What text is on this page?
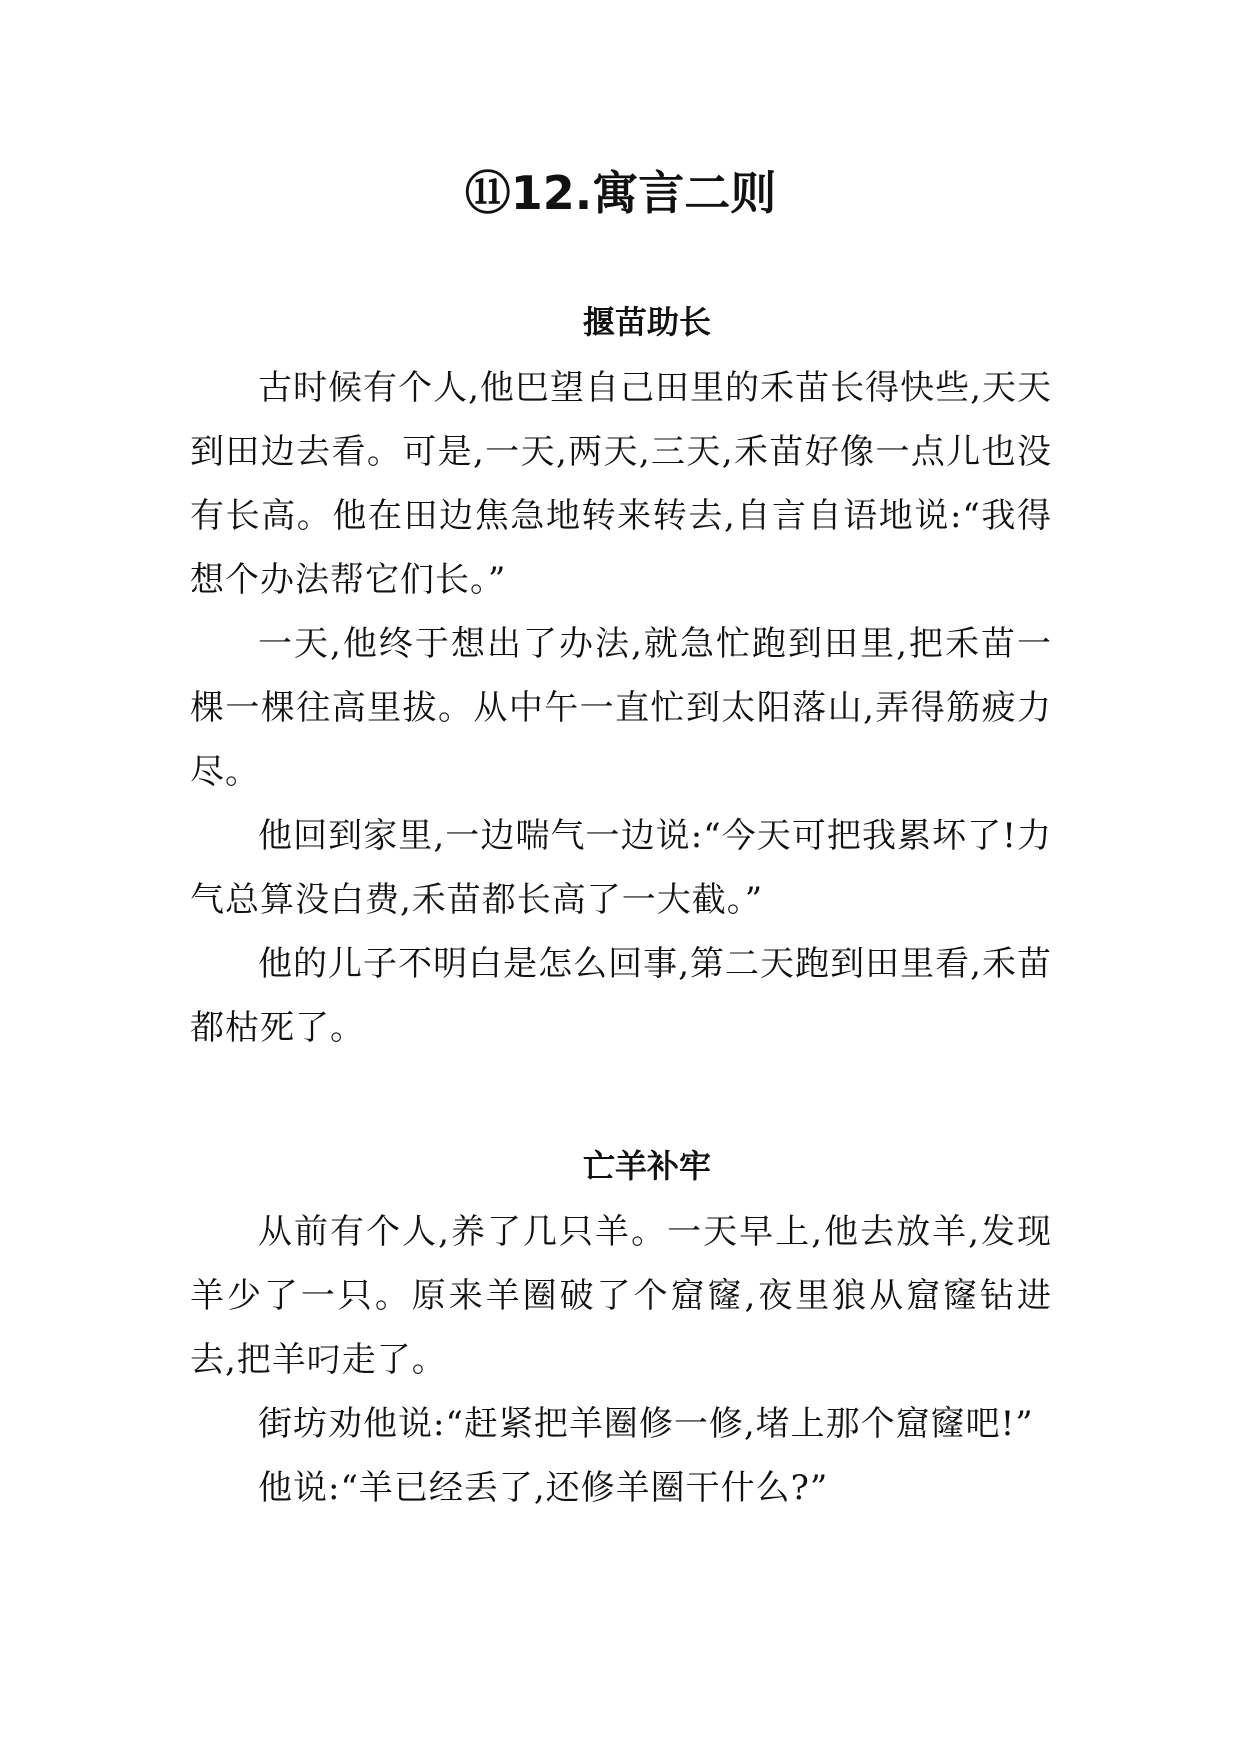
⑪12.寓言二则
揠苗助长

古时候有个人,他巴望自己田里的禾苗长得快些,天天到田边去看。可是,一天,两天,三天,禾苗好像一点儿也没有长高。他在田边焦急地转来转去,自言自语地说:“我得想个办法帮它们长。”

一天,他终于想出了办法,就急忙跑到田里,把禾苗一棵一棵往高里拔。从中午一直忙到太阳落山,弄得筋疲力尽。

他回到家里,一边喘气一边说:“今天可把我累坏了!力气总算没白费,禾苗都长高了一大截。”

他的儿子不明白是怎么回事,第二天跑到田里看,禾苗都枯死了。

亡羊补牢

从前有个人,养了几只羊。一天早上,他去放羊,发现羊少了一只。原来羊圈破了个窟窿,夜里狼从窟窿钻进去,把羊叼走了。

街坊劝他说:“赶紧把羊圈修一修,堵上那个窟窿吧!”

他说:“羊已经丢了,还修羊圈干什么?”
